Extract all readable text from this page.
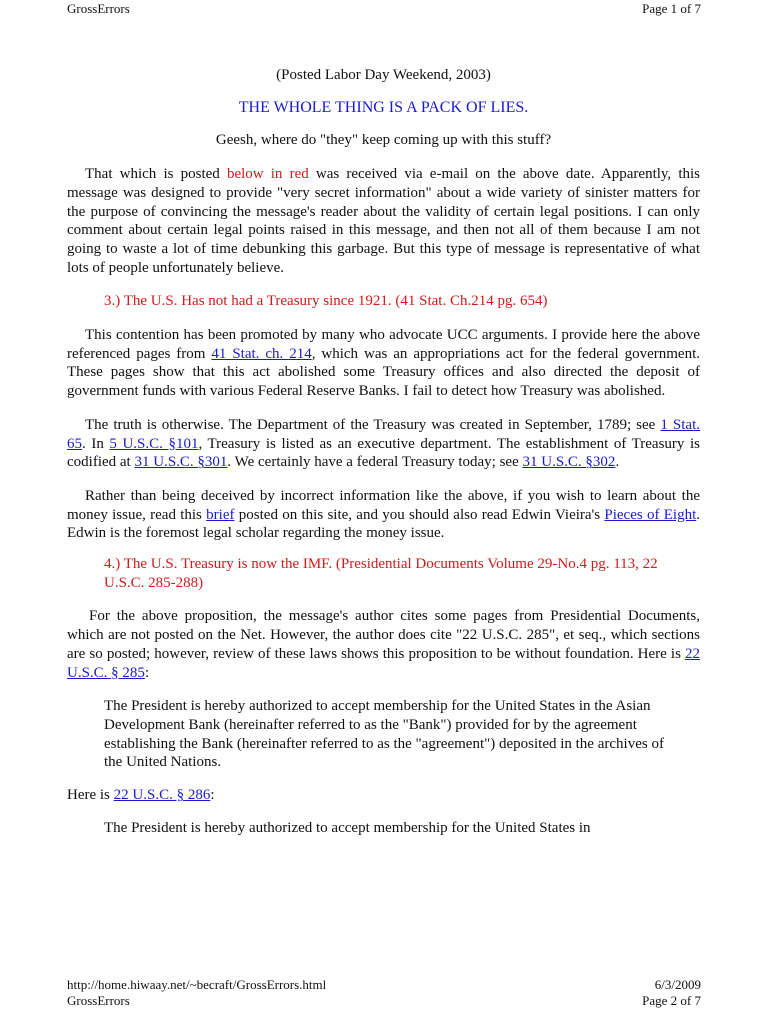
GrossErrors	Page 1 of 7

(Posted Labor Day Weekend, 2003)

THE WHOLE THING IS A PACK OF LIES.

Geesh, where do "they" keep coming up with this stuff?

That which is posted below in red was received via e-mail on the above date. Apparently, this message was designed to provide "very secret information" about a wide variety of sinister matters for the purpose of convincing the message's reader about the validity of certain legal positions. I can only comment about certain legal points raised in this message, and then not all of them because I am not going to waste a lot of time debunking this garbage. But this type of message is representative of what lots of people unfortunately believe.

3.) The U.S. Has not had a Treasury since 1921. (41 Stat. Ch.214 pg. 654)

This contention has been promoted by many who advocate UCC arguments. I provide here the above referenced pages from 41 Stat. ch. 214, which was an appropriations act for the federal government. These pages show that this act abolished some Treasury offices and also directed the deposit of government funds with various Federal Reserve Banks. I fail to detect how Treasury was abolished.

The truth is otherwise. The Department of the Treasury was created in September, 1789; see 1 Stat. 65. In 5 U.S.C. §101, Treasury is listed as an executive department. The establishment of Treasury is codified at 31 U.S.C. §301. We certainly have a federal Treasury today; see 31 U.S.C. §302.

Rather than being deceived by incorrect information like the above, if you wish to learn about the money issue, read this brief posted on this site, and you should also read Edwin Vieira's Pieces of Eight. Edwin is the foremost legal scholar regarding the money issue.

4.) The U.S. Treasury is now the IMF. (Presidential Documents Volume 29-No.4 pg. 113, 22 U.S.C. 285-288)

For the above proposition, the message's author cites some pages from Presidential Documents, which are not posted on the Net. However, the author does cite "22 U.S.C. 285", et seq., which sections are so posted; however, review of these laws shows this proposition to be without foundation. Here is 22 U.S.C. § 285:

The President is hereby authorized to accept membership for the United States in the Asian Development Bank (hereinafter referred to as the "Bank") provided for by the agreement establishing the Bank (hereinafter referred to as the "agreement") deposited in the archives of the United Nations.

Here is 22 U.S.C. § 286:

The President is hereby authorized to accept membership for the United States in

http://home.hiwaay.net/~becraft/GrossErrors.html
GrossErrors
6/3/2009
Page 2 of 7
